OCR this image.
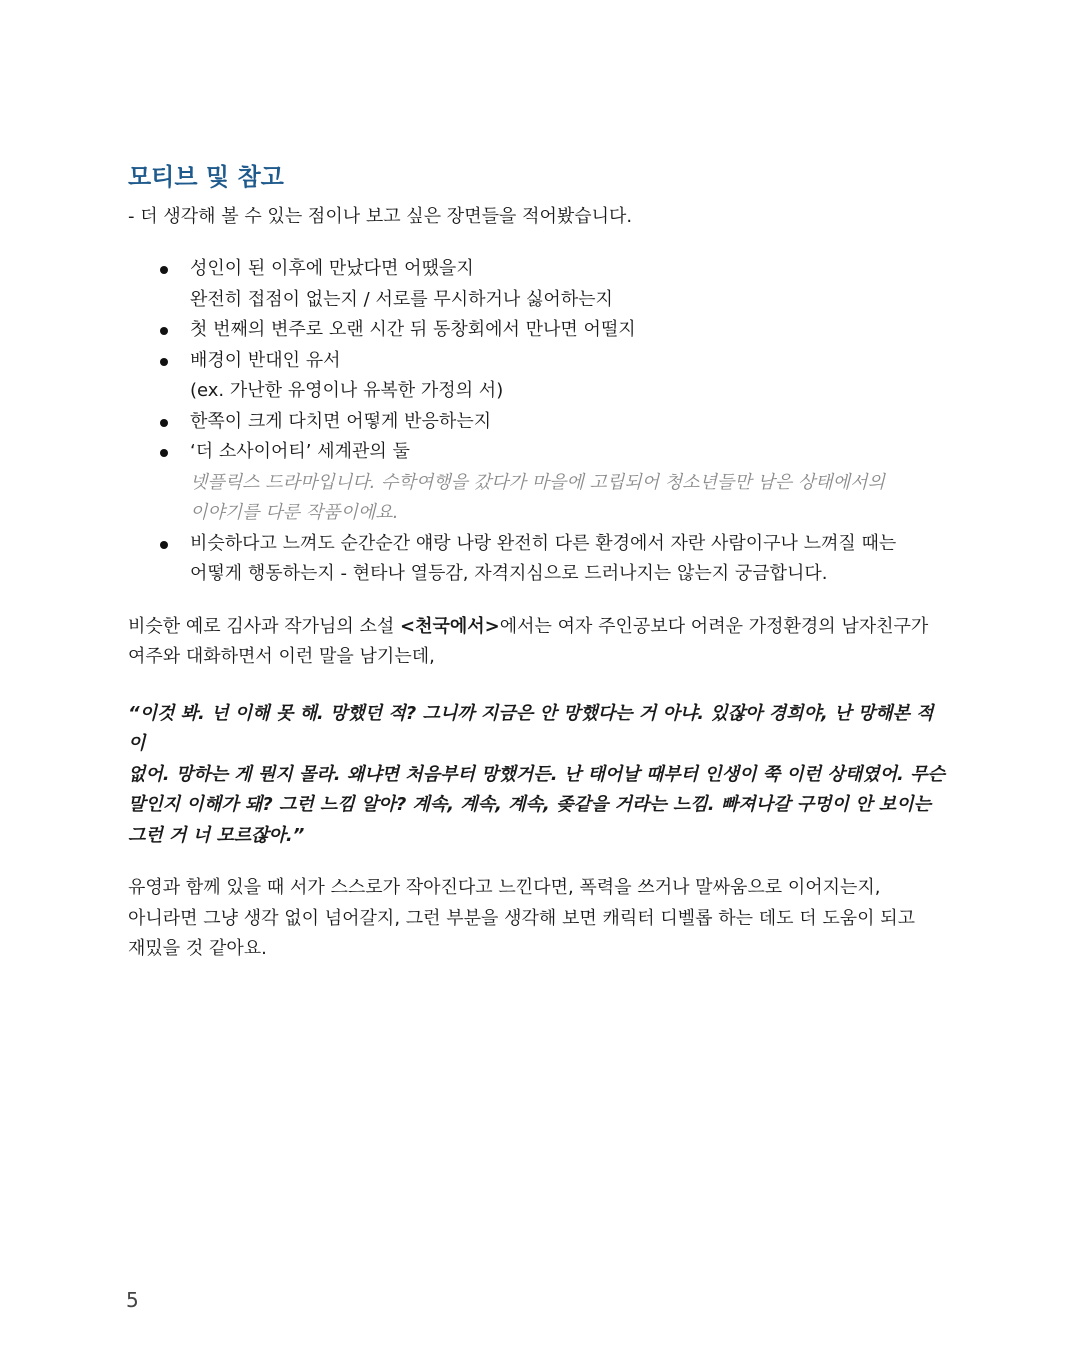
모티브 및 참고

- 더 생각해 볼 수 있는 점이나 보고 싶은 장면들을 적어봤습니다.

성인이 된 이후에 만났다면 어땠을지
완전히 접점이 없는지 / 서로를 무시하거나 싫어하는지
첫 번째의 변주로 오랜 시간 뒤 동창회에서 만나면 어떨지
배경이 반대인 유서
(ex. 가난한 유영이나 유복한 가정의 서)
한쪽이 크게 다치면 어떻게 반응하는지
‘더 소사이어티’ 세계관의 둘
넷플릭스 드라마입니다. 수학여행을 갔다가 마을에 고립되어 청소년들만 남은 상태에서의
이야기를 다룬 작품이에요.
비슷하다고 느껴도 순간순간 얘랑 나랑 완전히 다른 환경에서 자란 사람이구나 느껴질 때는
어떻게 행동하는지 - 현타나 열등감, 자격지심으로 드러나지는 않는지 궁금합니다.

비슷한 예로 김사과 작가님의 소설 <천국에서>에서는 여자 주인공보다 어려운 가정환경의 남자친구가
여주와 대화하면서 이런 말을 남기는데,

“이것 봐. 넌 이해 못 해. 망했던 적? 그니까 지금은 안 망했다는 거 아냐. 있잖아 경희야, 난 망해본 적이
없어. 망하는 게 뭔지 몰라. 왜냐면 처음부터 망했거든. 난 태어날 때부터 인생이 쭉 이런 상태였어. 무슨
말인지 이해가 돼? 그런 느낌 알아? 계속, 계속, 계속, 좆같을 거라는 느낌. 빠져나갈 구멍이 안 보이는
그런 거 너 모르잖아.”

유영과 함께 있을 때 서가 스스로가 작아진다고 느낀다면, 폭력을 쓰거나 말싸움으로 이어지는지,
아니라면 그냥 생각 없이 넘어갈지, 그런 부분을 생각해 보면 캐릭터 디벨롭 하는 데도 더 도움이 되고
재밌을 것 같아요.

5
